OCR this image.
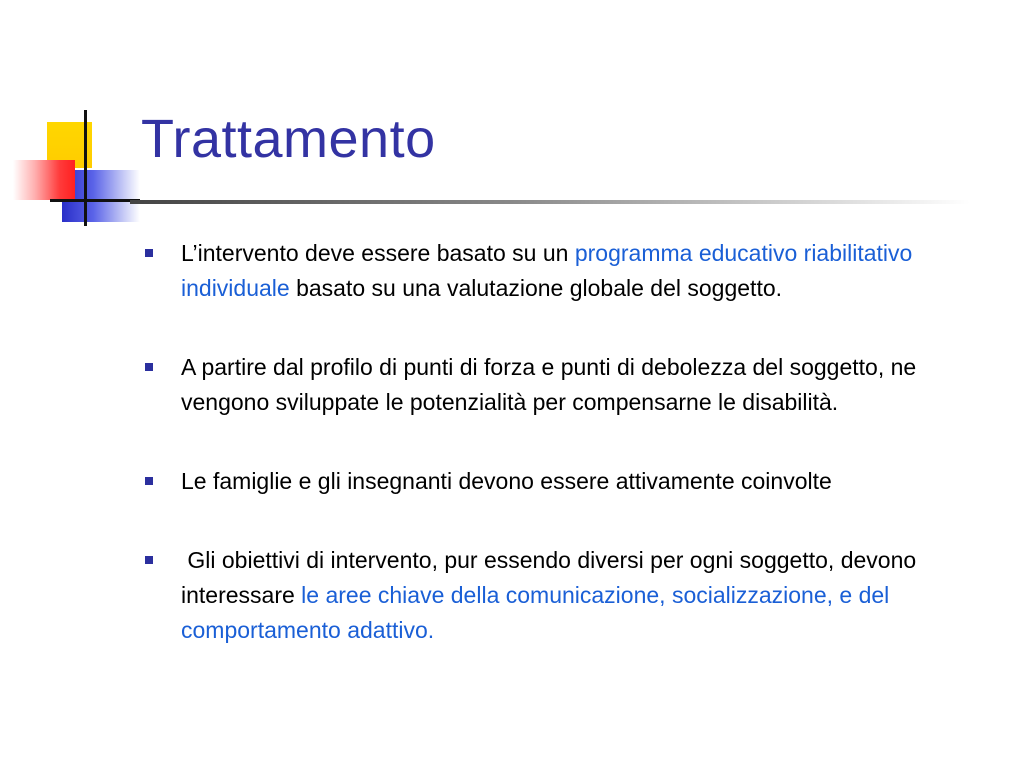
Trattamento
L’intervento deve essere basato su un programma educativo riabilitativo individuale basato su una valutazione globale del soggetto.
A partire dal profilo di punti di forza e punti di debolezza del soggetto, ne vengono sviluppate le potenzialità per compensarne le disabilità.
Le famiglie e gli insegnanti devono essere attivamente coinvolte
Gli obiettivi di intervento, pur essendo diversi per ogni soggetto, devono interessare le aree chiave della comunicazione, socializzazione, e del comportamento adattivo.
